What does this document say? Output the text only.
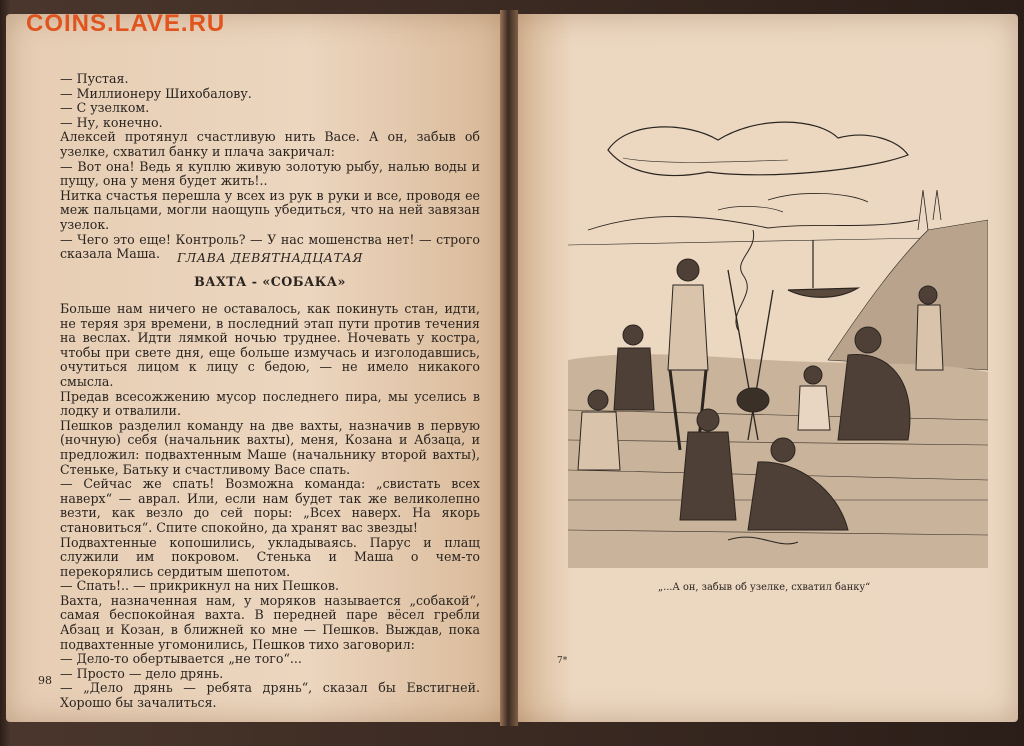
COINS.LAVE.RU

— Пустая.

— Миллионеру Шихобалову.

— С узелком.

— Ну, конечно.

Алексей протянул счастливую нить Васе. А он, забыв об узелке, схватил банку и плача закричал:

— Вот она! Ведь я куплю живую золотую рыбу, налью воды и пущу, она у меня будет жить!..

Нитка счастья перешла у всех из рук в руки и все, проводя ее меж пальцами, могли наощупь убедиться, что на ней завязан узелок.

— Чего это еще! Контроль? — У нас мошенства нет! — строго сказала Маша.	ГЛАВА ДЕВЯТНАДЦАТАЯ
ВАХТА - «СОБАКА»

Больше нам ничего не оставалось, как покинуть стан, идти, не теряя зря времени, в последний этап пути против течения на веслах. Идти лямкой ночью труднее. Ночевать у костра, чтобы при свете дня, еще больше измучась и изголодавшись, очутиться лицом к лицу с бедою, — не имело никакого смысла.

Предав всесожжению мусор последнего пира, мы уселись в лодку и отвалили.

Пешков разделил команду на две вахты, назначив в первую (ночную) себя (начальник вахты), меня, Козана и Абзаца, и предложил: подвахтенным Маше (начальнику второй вахты), Стеньке, Батьку и счастливому Васе спать.

— Сейчас же спать! Возможна команда: „свистать всех наверх“ — аврал. Или, если нам будет так же великолепно везти, как везло до сей поры: „Всех наверх. На якорь становиться“. Спите спокойно, да хранят вас звезды!

Подвахтенные копошились, укладываясь. Парус и плащ служили им покровом. Стенька и Маша о чем-то перекорялись сердитым шепотом.

— Спать!.. — прикрикнул на них Пешков.

Вахта, назначенная нам, у моряков называется „собакой“, самая беспокойная вахта. В передней паре вёсел гребли Абзац и Козан, в ближней ко мне — Пешков. Выждав, пока подвахтенные угомонились, Пешков тихо заговорил:

— Дело-то обертывается „не того“...

— Просто — дело дрянь.

— „Дело дрянь — ребята дрянь“, сказал бы Евстигней. Хорошо бы зачалиться.

98
„...А он, забыв об узелке, схватил банку“
7*
